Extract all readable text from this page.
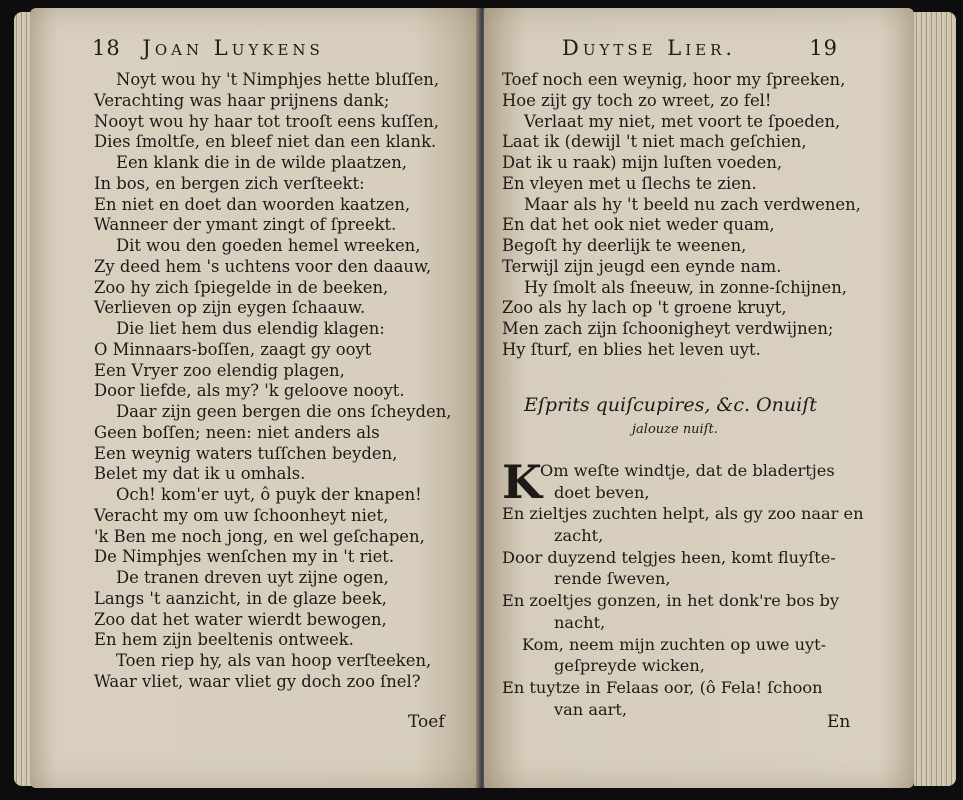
18 Joan Luykens
Noyt wou hy 't Nimphjes hette bluſſen,
Verachting was haar prijnens dank;
Nooyt wou hy haar tot trooſt eens kuſſen,
Dies ſmoltſe, en bleef niet dan een klank.
Een klank die in de wilde plaatzen,
In bos, en bergen zich verſteekt:
En niet en doet dan woorden kaatzen,
Wanneer der ymant zingt of ſpreekt.
Dit wou den goeden hemel wreeken,
Zy deed hem 's uchtens voor den daauw,
Zoo hy zich ſpiegelde in de beeken,
Verlieven op zijn eygen ſchaauw.
Die liet hem dus elendig klagen:
O Minnaars-boſſen, zaagt gy ooyt
Een Vryer zoo elendig plagen,
Door liefde, als my? 'k geloove nooyt.
Daar zijn geen bergen die ons ſcheyden,
Geen boſſen; neen: niet anders als
Een weynig waters tuſſchen beyden,
Belet my dat ik u omhals.
Och! kom'er uyt, ô puyk der knapen!
Veracht my om uw ſchoonheyt niet,
'k Ben me noch jong, en wel geſchapen,
De Nimphjes wenſchen my in 't riet.
De tranen dreven uyt zijne ogen,
Langs 't aanzicht, in de glaze beek,
Zoo dat het water wierdt bewogen,
En hem zijn beeltenis ontweek.
Toen riep hy, als van hoop verſteeken,
Waar vliet, waar vliet gy doch zoo ſnel?
Toef
Duytse Lier.	19
Toef noch een weynig, hoor my ſpreeken,
Hoe zijt gy toch zo wreet, zo fel!
Verlaat my niet, met voort te ſpoeden,
Laat ik (dewijl 't niet mach geſchien,
Dat ik u raak) mijn luſten voeden,
En vleyen met u ſlechs te zien.
Maar als hy 't beeld nu zach verdwenen,
En dat het ook niet weder quam,
Begoſt hy deerlijk te weenen,
Terwijl zijn jeugd een eynde nam.
Hy ſmolt als ſneeuw, in zonne-ſchijnen,
Zoo als hy lach op 't groene kruyt,
Men zach zijn ſchoonigheyt verdwijnen;
Hy ſturf, en blies het leven uyt.
Eſprits quiſcupires, &c. Onuiſt
jalouze nuiſt.
K
Om weſte windtje, dat de bladertjes
doet beven,
En zieltjes zuchten helpt, als gy zoo naar en
zacht,
Door duyzend telgjes heen, komt fluyſte-
rende ſweven,
En zoeltjes gonzen, in het donk're bos by
nacht,
Kom, neem mijn zuchten op uwe uyt-
geſpreyde wicken,
En tuytze in Felaas oor, (ô Fela! ſchoon
van aart,
En
